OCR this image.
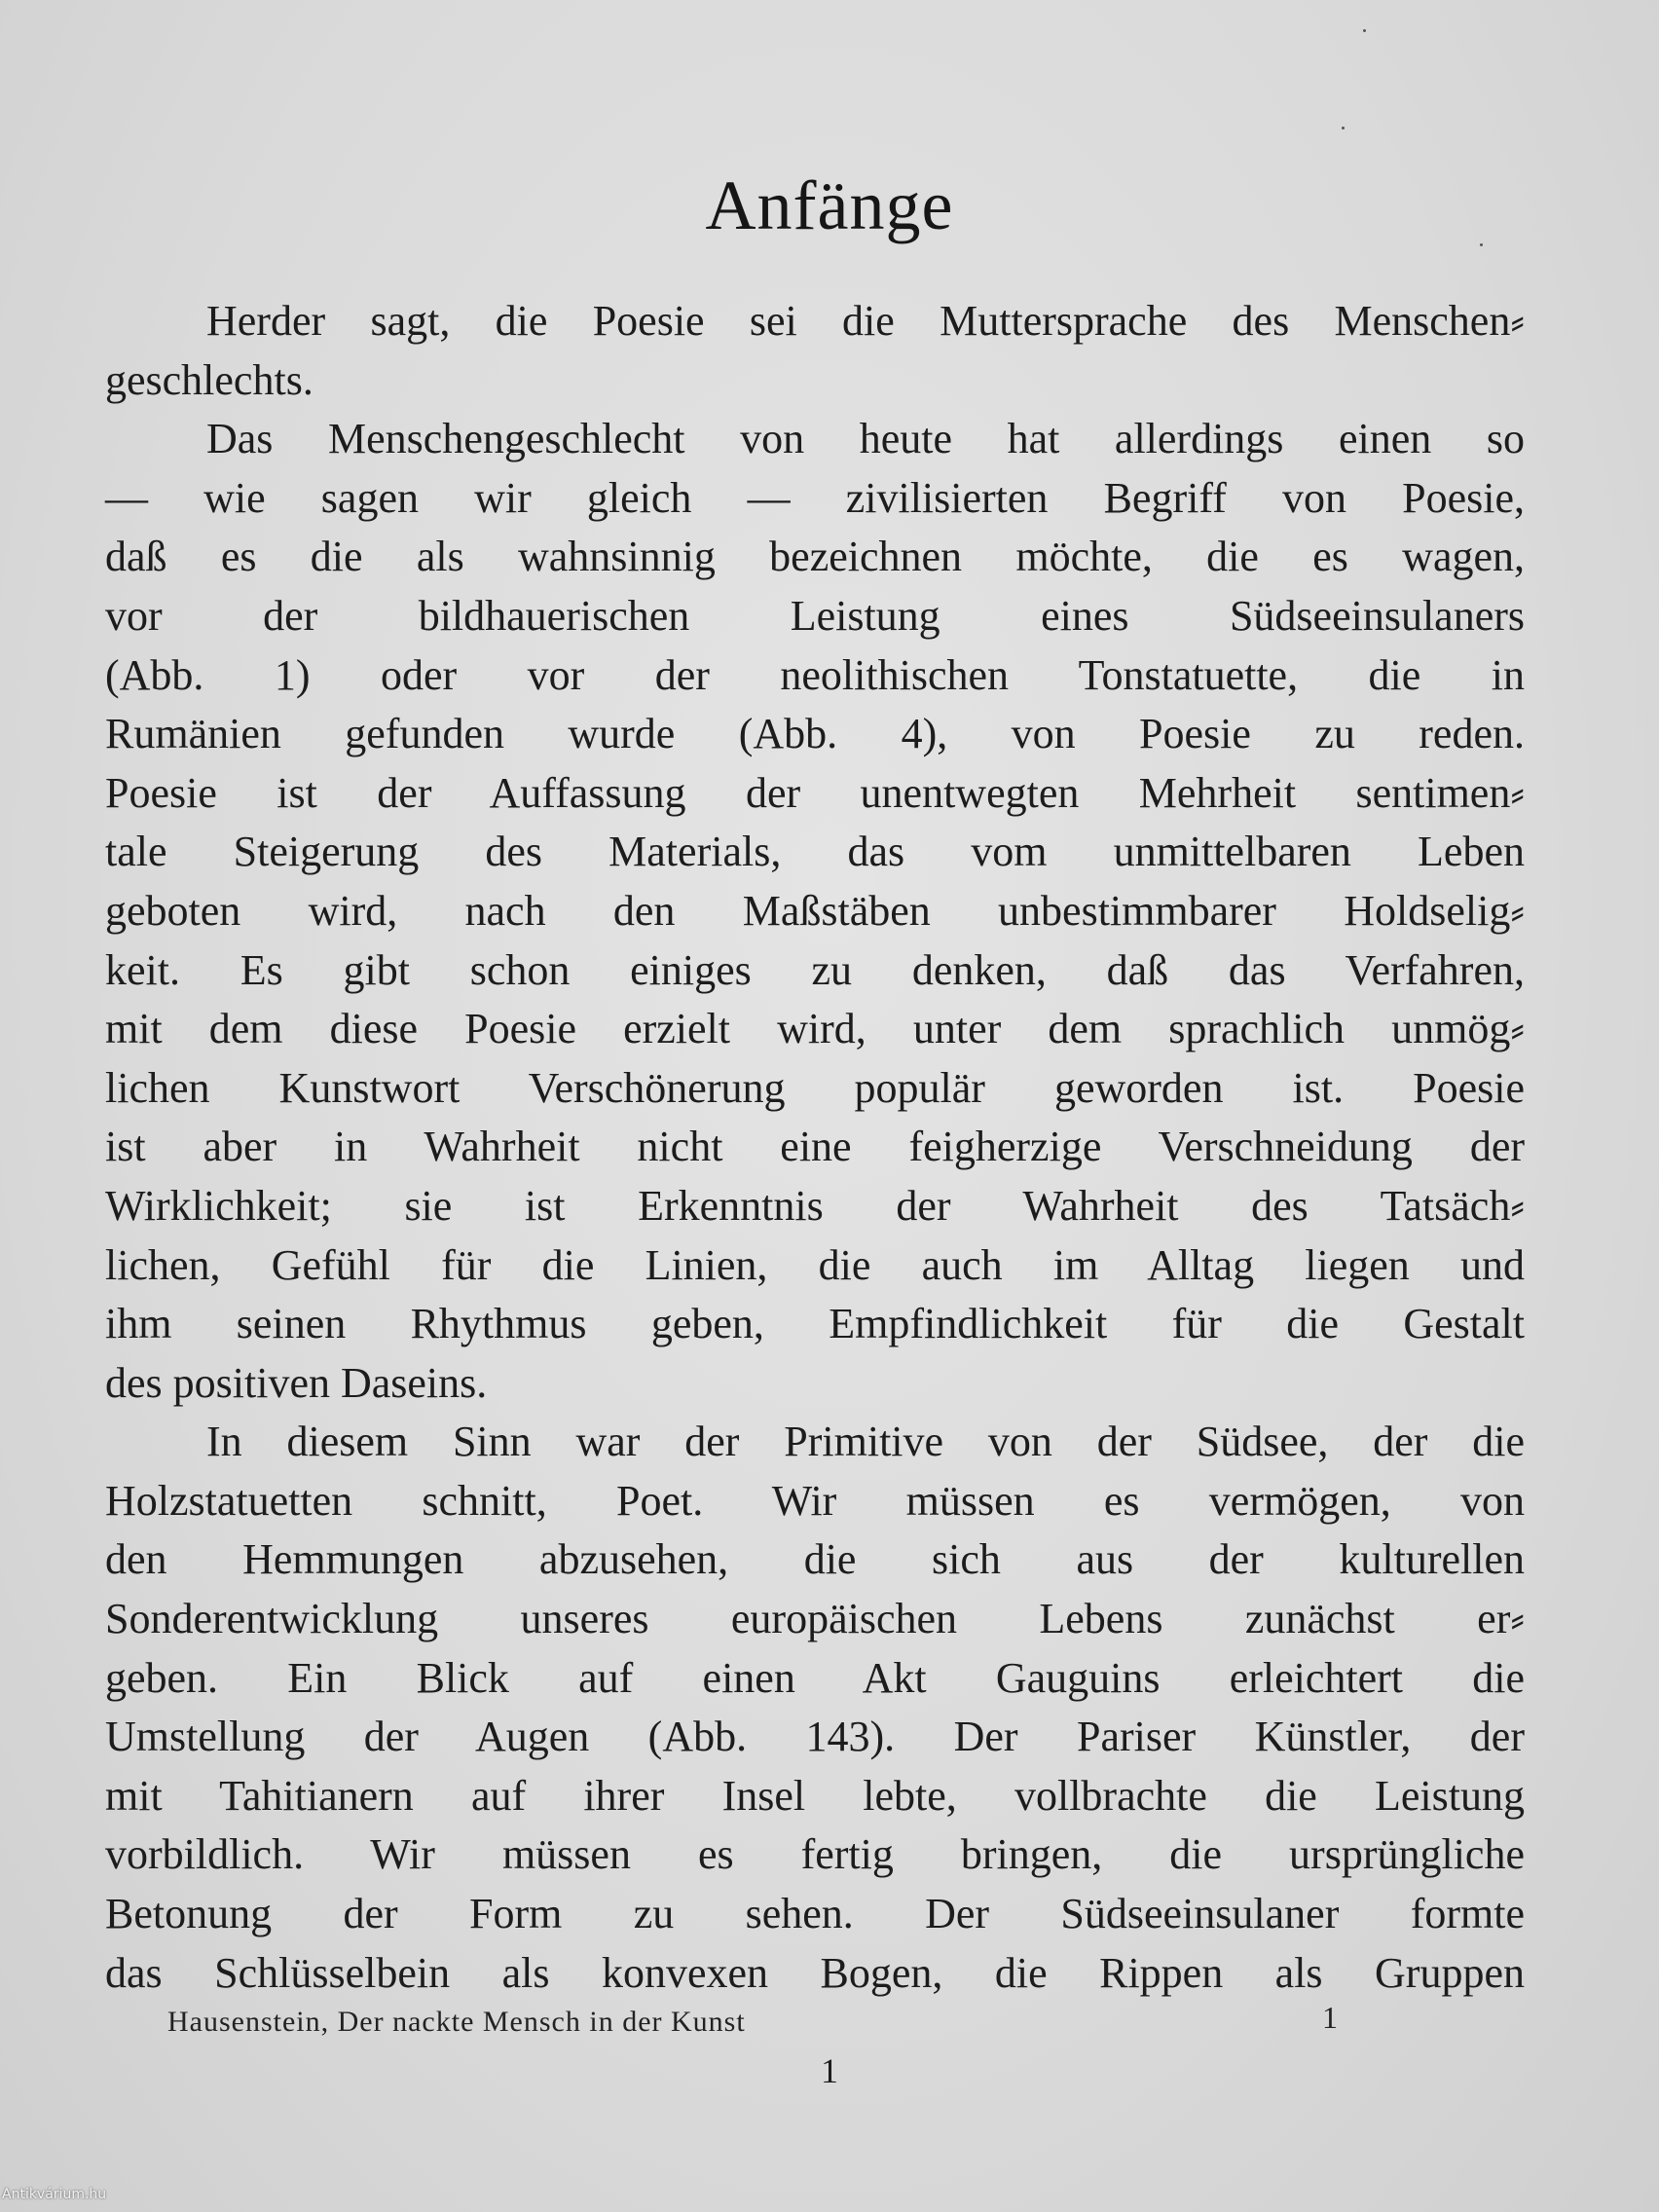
Anfänge
Herder sagt, die Poesie sei die Muttersprache des Menschen⸗
geschlechts.
Das Menschengeschlecht von heute hat allerdings einen so
— wie sagen wir gleich — zivilisierten Begriff von Poesie,
daß es die als wahnsinnig bezeichnen möchte, die es wagen,
vor der bildhauerischen Leistung eines Südseeinsulaners
(Abb. 1) oder vor der neolithischen Tonstatuette, die in
Rumänien gefunden wurde (Abb. 4), von Poesie zu reden.
Poesie ist der Auffassung der unentwegten Mehrheit sentimen⸗
tale Steigerung des Materials, das vom unmittelbaren Leben
geboten wird, nach den Maßstäben unbestimmbarer Holdselig⸗
keit. Es gibt schon einiges zu denken, daß das Verfahren,
mit dem diese Poesie erzielt wird, unter dem sprachlich unmög⸗
lichen Kunstwort Verschönerung populär geworden ist. Poesie
ist aber in Wahrheit nicht eine feigherzige Verschneidung der
Wirklichkeit; sie ist Erkenntnis der Wahrheit des Tatsäch⸗
lichen, Gefühl für die Linien, die auch im Alltag liegen und
ihm seinen Rhythmus geben, Empfindlichkeit für die Gestalt
des positiven Daseins.
In diesem Sinn war der Primitive von der Südsee, der die
Holzstatuetten schnitt, Poet. Wir müssen es vermögen, von
den Hemmungen abzusehen, die sich aus der kulturellen
Sonderentwicklung unseres europäischen Lebens zunächst er⸗
geben. Ein Blick auf einen Akt Gauguins erleichtert die
Umstellung der Augen (Abb. 143). Der Pariser Künstler, der
mit Tahitianern auf ihrer Insel lebte, vollbrachte die Leistung
vorbildlich. Wir müssen es fertig bringen, die ursprüngliche
Betonung der Form zu sehen. Der Südseeinsulaner formte
das Schlüsselbein als konvexen Bogen, die Rippen als Gruppen
Hausenstein, Der nackte Mensch in der Kunst	1
1
Antikvárium.hu
